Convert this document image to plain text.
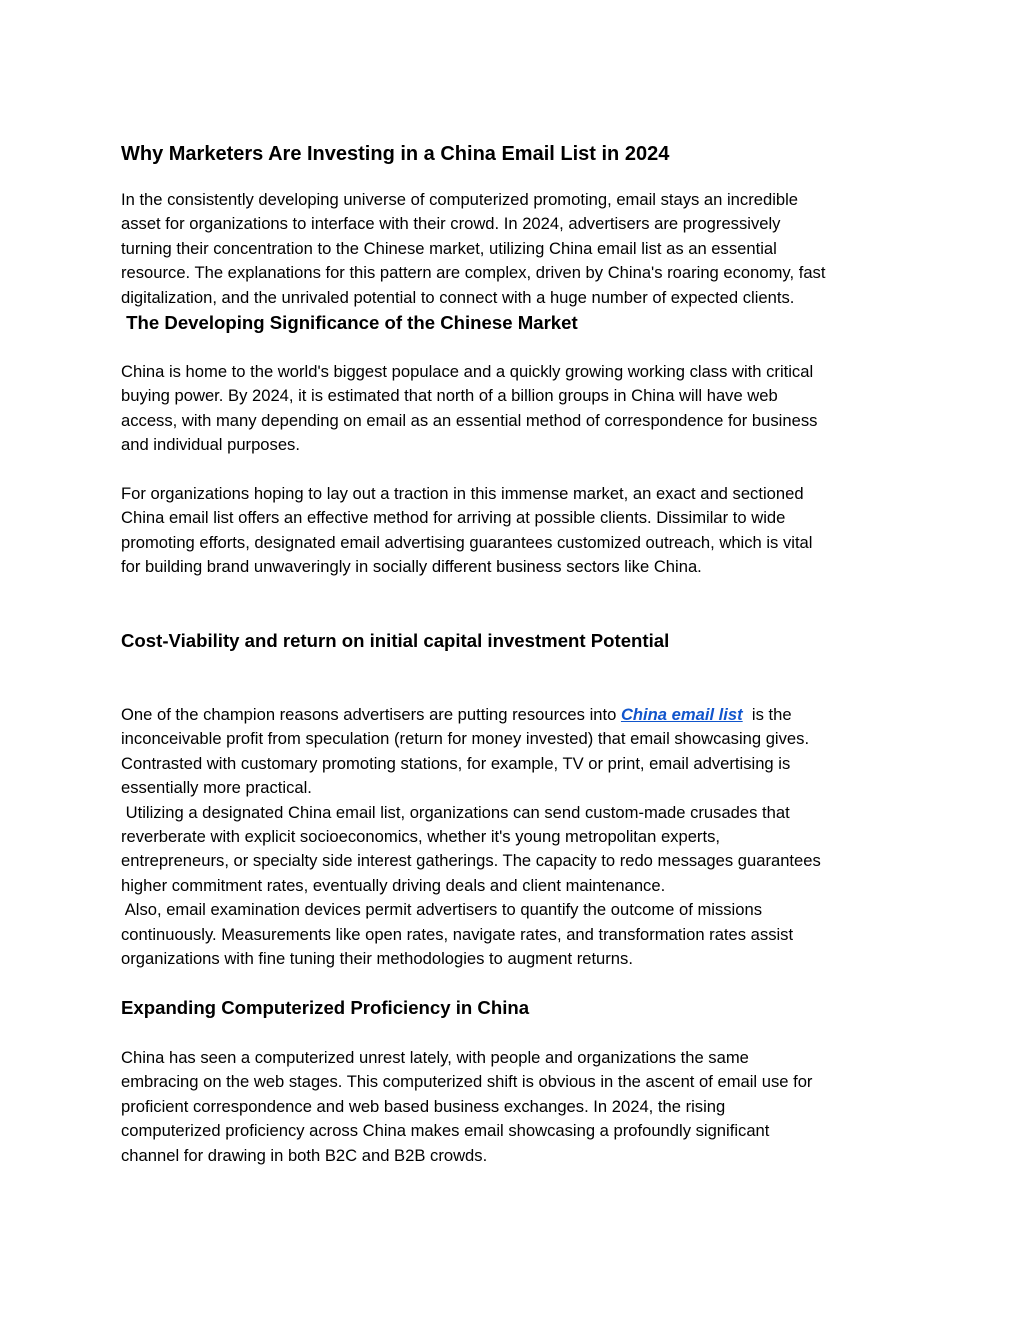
Why Marketers Are Investing in a China Email List in 2024

In the consistently developing universe of computerized promoting, email stays an incredible
asset for organizations to interface with their crowd. In 2024, advertisers are progressively
turning their concentration to the Chinese market, utilizing China email list as an essential
resource. The explanations for this pattern are complex, driven by China's roaring economy, fast
digitalization, and the unrivaled potential to connect with a huge number of expected clients.

The Developing Significance of the Chinese Market

China is home to the world's biggest populace and a quickly growing working class with critical
buying power. By 2024, it is estimated that north of a billion groups in China will have web
access, with many depending on email as an essential method of correspondence for business
and individual purposes.

For organizations hoping to lay out a traction in this immense market, an exact and sectioned
China email list offers an effective method for arriving at possible clients. Dissimilar to wide
promoting efforts, designated email advertising guarantees customized outreach, which is vital
for building brand unwaveringly in socially different business sectors like China.

Cost-Viability and return on initial capital investment Potential

One of the champion reasons advertisers are putting resources into China email list  is the
inconceivable profit from speculation (return for money invested) that email showcasing gives.
Contrasted with customary promoting stations, for example, TV or print, email advertising is
essentially more practical.
Utilizing a designated China email list, organizations can send custom-made crusades that
reverberate with explicit socioeconomics, whether it's young metropolitan experts,
entrepreneurs, or specialty side interest gatherings. The capacity to redo messages guarantees
higher commitment rates, eventually driving deals and client maintenance.
Also, email examination devices permit advertisers to quantify the outcome of missions
continuously. Measurements like open rates, navigate rates, and transformation rates assist
organizations with fine tuning their methodologies to augment returns.

Expanding Computerized Proficiency in China

China has seen a computerized unrest lately, with people and organizations the same
embracing on the web stages. This computerized shift is obvious in the ascent of email use for
proficient correspondence and web based business exchanges. In 2024, the rising
computerized proficiency across China makes email showcasing a profoundly significant
channel for drawing in both B2C and B2B crowds.
